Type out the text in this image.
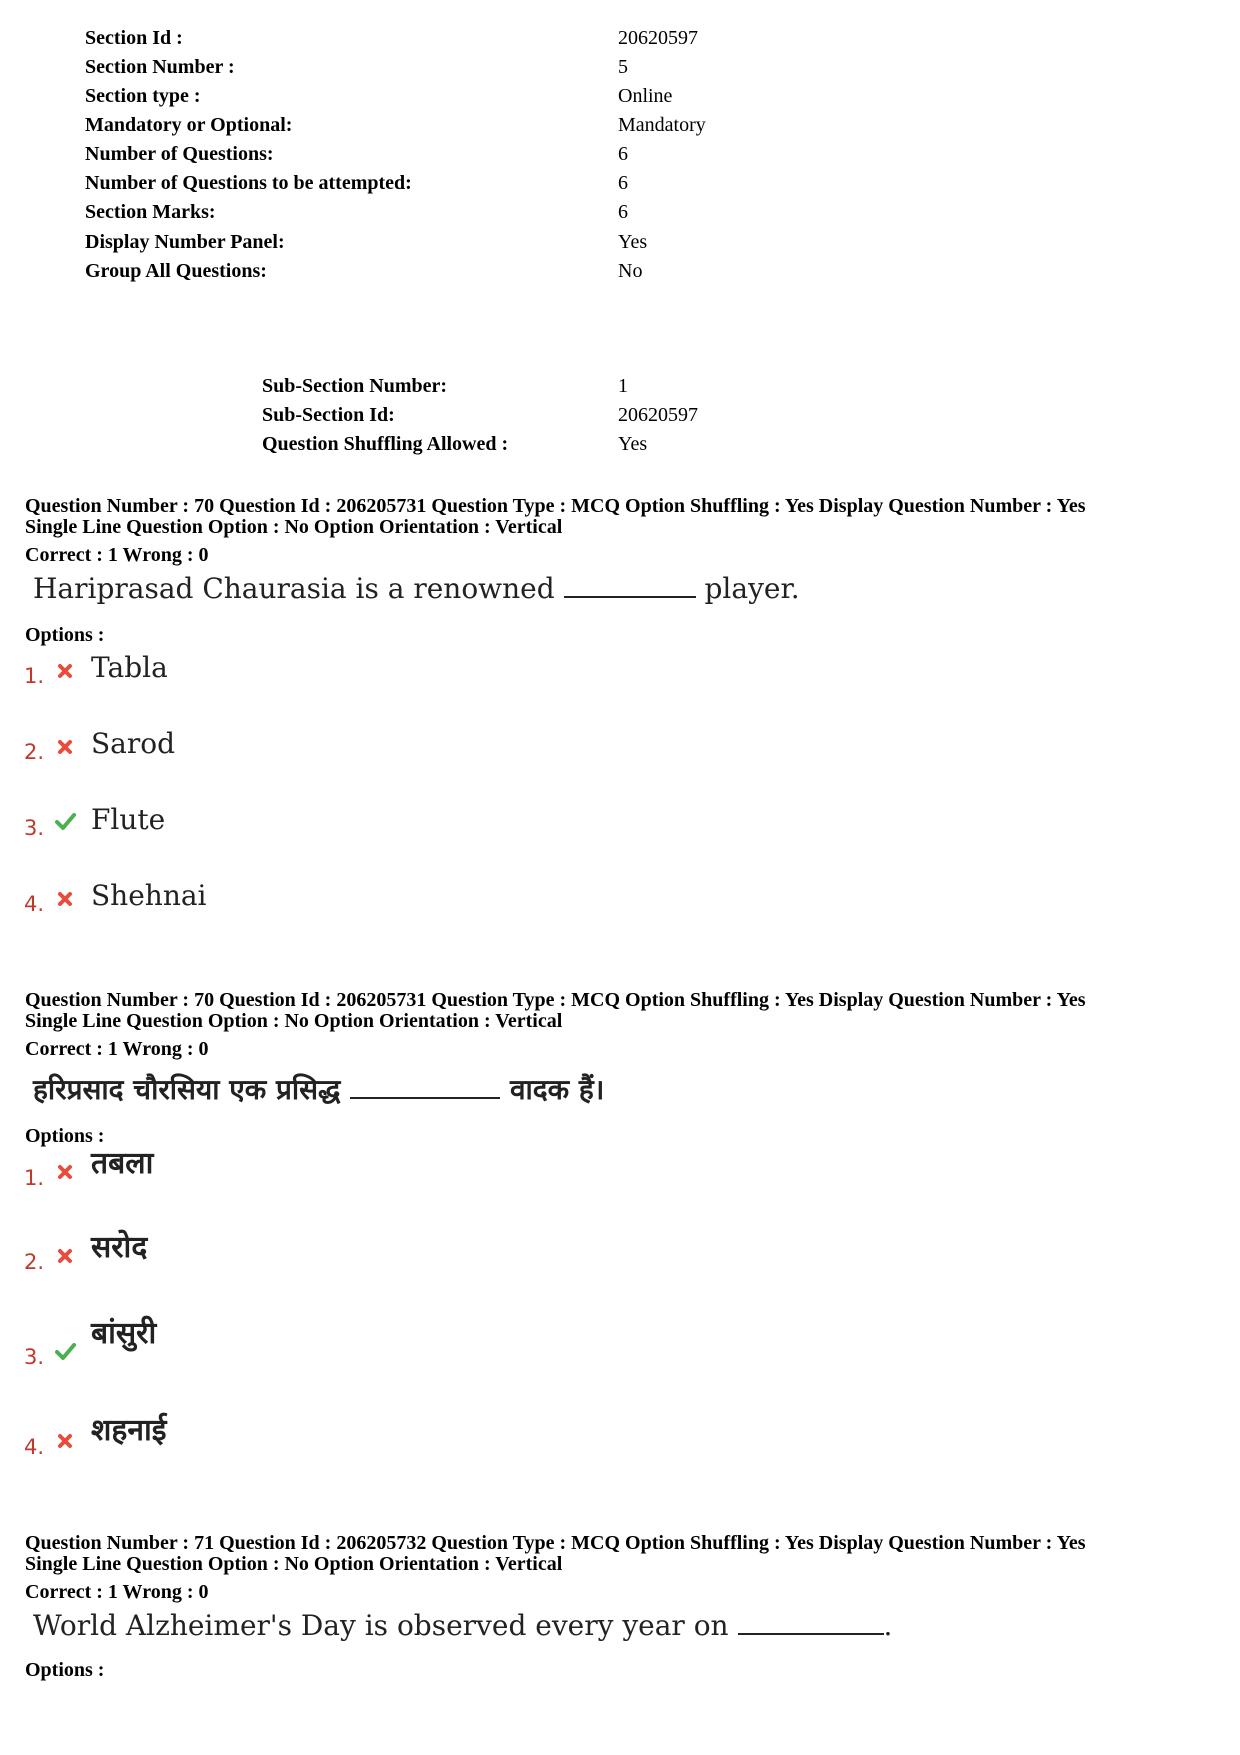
Section Id :	20620597
Section Number :	5
Section type :	Online
Mandatory or Optional:	Mandatory
Number of Questions:	6
Number of Questions to be attempted:	6
Section Marks:	6
Display Number Panel:	Yes
Group All Questions:	No
Sub-Section Number:	1
Sub-Section Id:	20620597
Question Shuffling Allowed :	Yes
Question Number : 70 Question Id : 206205731 Question Type : MCQ Option Shuffling : Yes Display Question Number : Yes
Single Line Question Option : No Option Orientation : Vertical
Correct : 1 Wrong : 0
Hariprasad Chaurasia is a renowned	player.
Options :
1. Tabla
2. Sarod
3. Flute
4. Shehnai
Question Number : 70 Question Id : 206205731 Question Type : MCQ Option Shuffling : Yes Display Question Number : Yes
Single Line Question Option : No Option Orientation : Vertical
Correct : 1 Wrong : 0
हरिप्रसाद चौरसिया एक प्रसिद्ध	वादक हैं।
Options :
1. तबला
2. सरोद
3.
बांसुरी
4. शहनाई
Question Number : 71 Question Id : 206205732 Question Type : MCQ Option Shuffling : Yes Display Question Number : Yes
Single Line Question Option : No Option Orientation : Vertical
Correct : 1 Wrong : 0
World Alzheimer's Day is observed every year on	.
Options :
